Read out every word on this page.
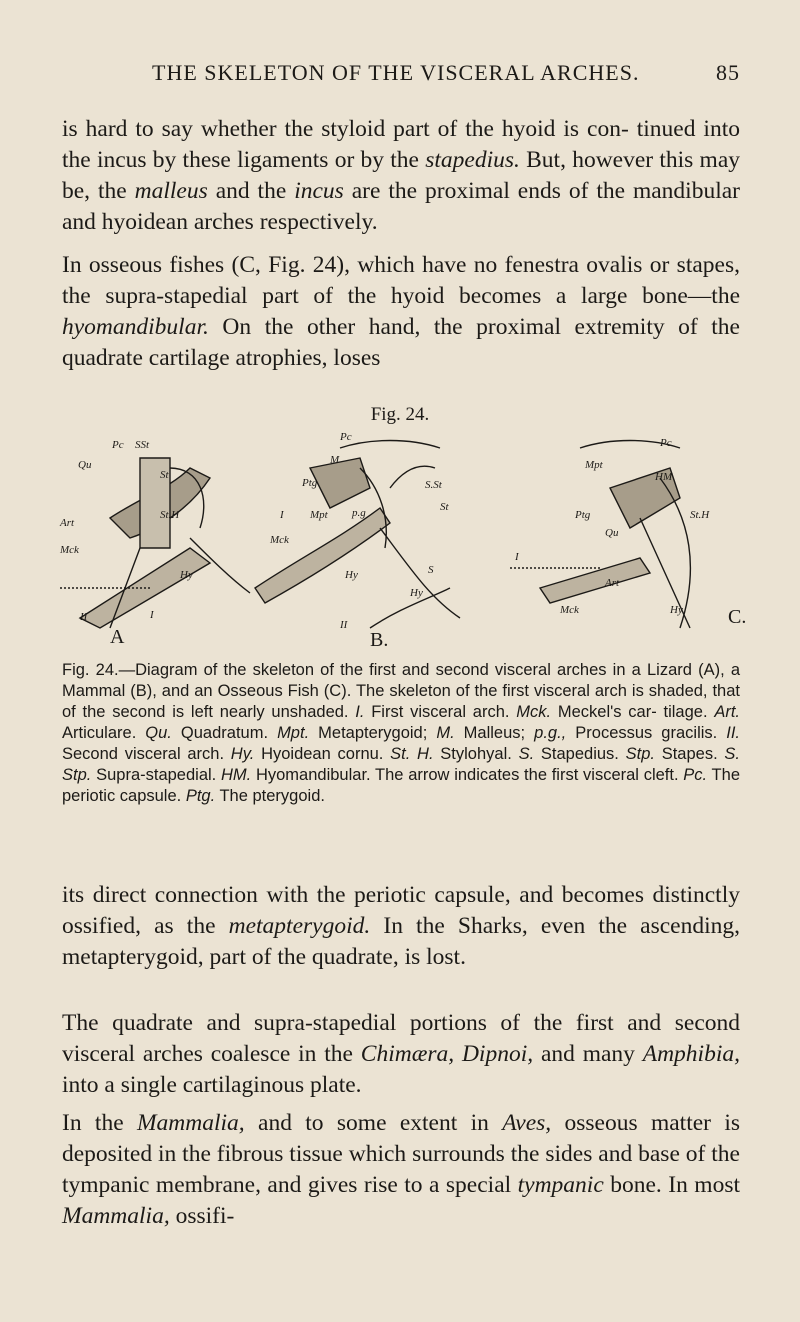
THE SKELETON OF THE VISCERAL ARCHES.	85
is hard to say whether the styloid part of the hyoid is con- tinued into the incus by these ligaments or by the stapedius. But, however this may be, the malleus and the incus are the proximal ends of the mandibular and hyoidean arches respectively.
In osseous fishes (C, Fig. 24), which have no fenestra ovalis or stapes, the supra-stapedial part of the hyoid becomes a large bone—the hyomandibular. On the other hand, the proximal extremity of the quadrate cartilage atrophies, loses
Fig. 24.
Pc SSt
Qu
St
St.H
Art
Mck
Hy
I
II
A
Pc
M
Ptg
I Mpt
Mck
p.g
Hy
II
S.St
St
Hy
S
B.
Pc
Mpt
HM
Ptg	St.H
Qu
I
Art
Mck	Hy C.
Fig. 24.—Diagram of the skeleton of the first and second visceral arches in a Lizard (A), a Mammal (B), and an Osseous Fish (C). The skeleton of the first visceral arch is shaded, that of the second is left nearly unshaded. I. First visceral arch. Mck. Meckel's car- tilage. Art. Articulare. Qu. Quadratum. Mpt. Metapterygoid; M. Malleus; p.g., Processus gracilis. II. Second visceral arch. Hy. Hyoidean cornu. St. H. Stylohyal. S. Stapedius. Stp. Stapes. S. Stp. Supra-stapedial. HM. Hyomandibular. The arrow indicates the first visceral cleft. Pc. The periotic capsule. Ptg. The pterygoid.
its direct connection with the periotic capsule, and becomes distinctly ossified, as the metapterygoid. In the Sharks, even the ascending, metapterygoid, part of the quadrate, is lost.
The quadrate and supra-stapedial portions of the first and second visceral arches coalesce in the Chimæra, Dipnoi, and many Amphibia, into a single cartilaginous plate.
In the Mammalia, and to some extent in Aves, osseous matter is deposited in the fibrous tissue which surrounds the sides and base of the tympanic membrane, and gives rise to a special tympanic bone. In most Mammalia, ossifi-
